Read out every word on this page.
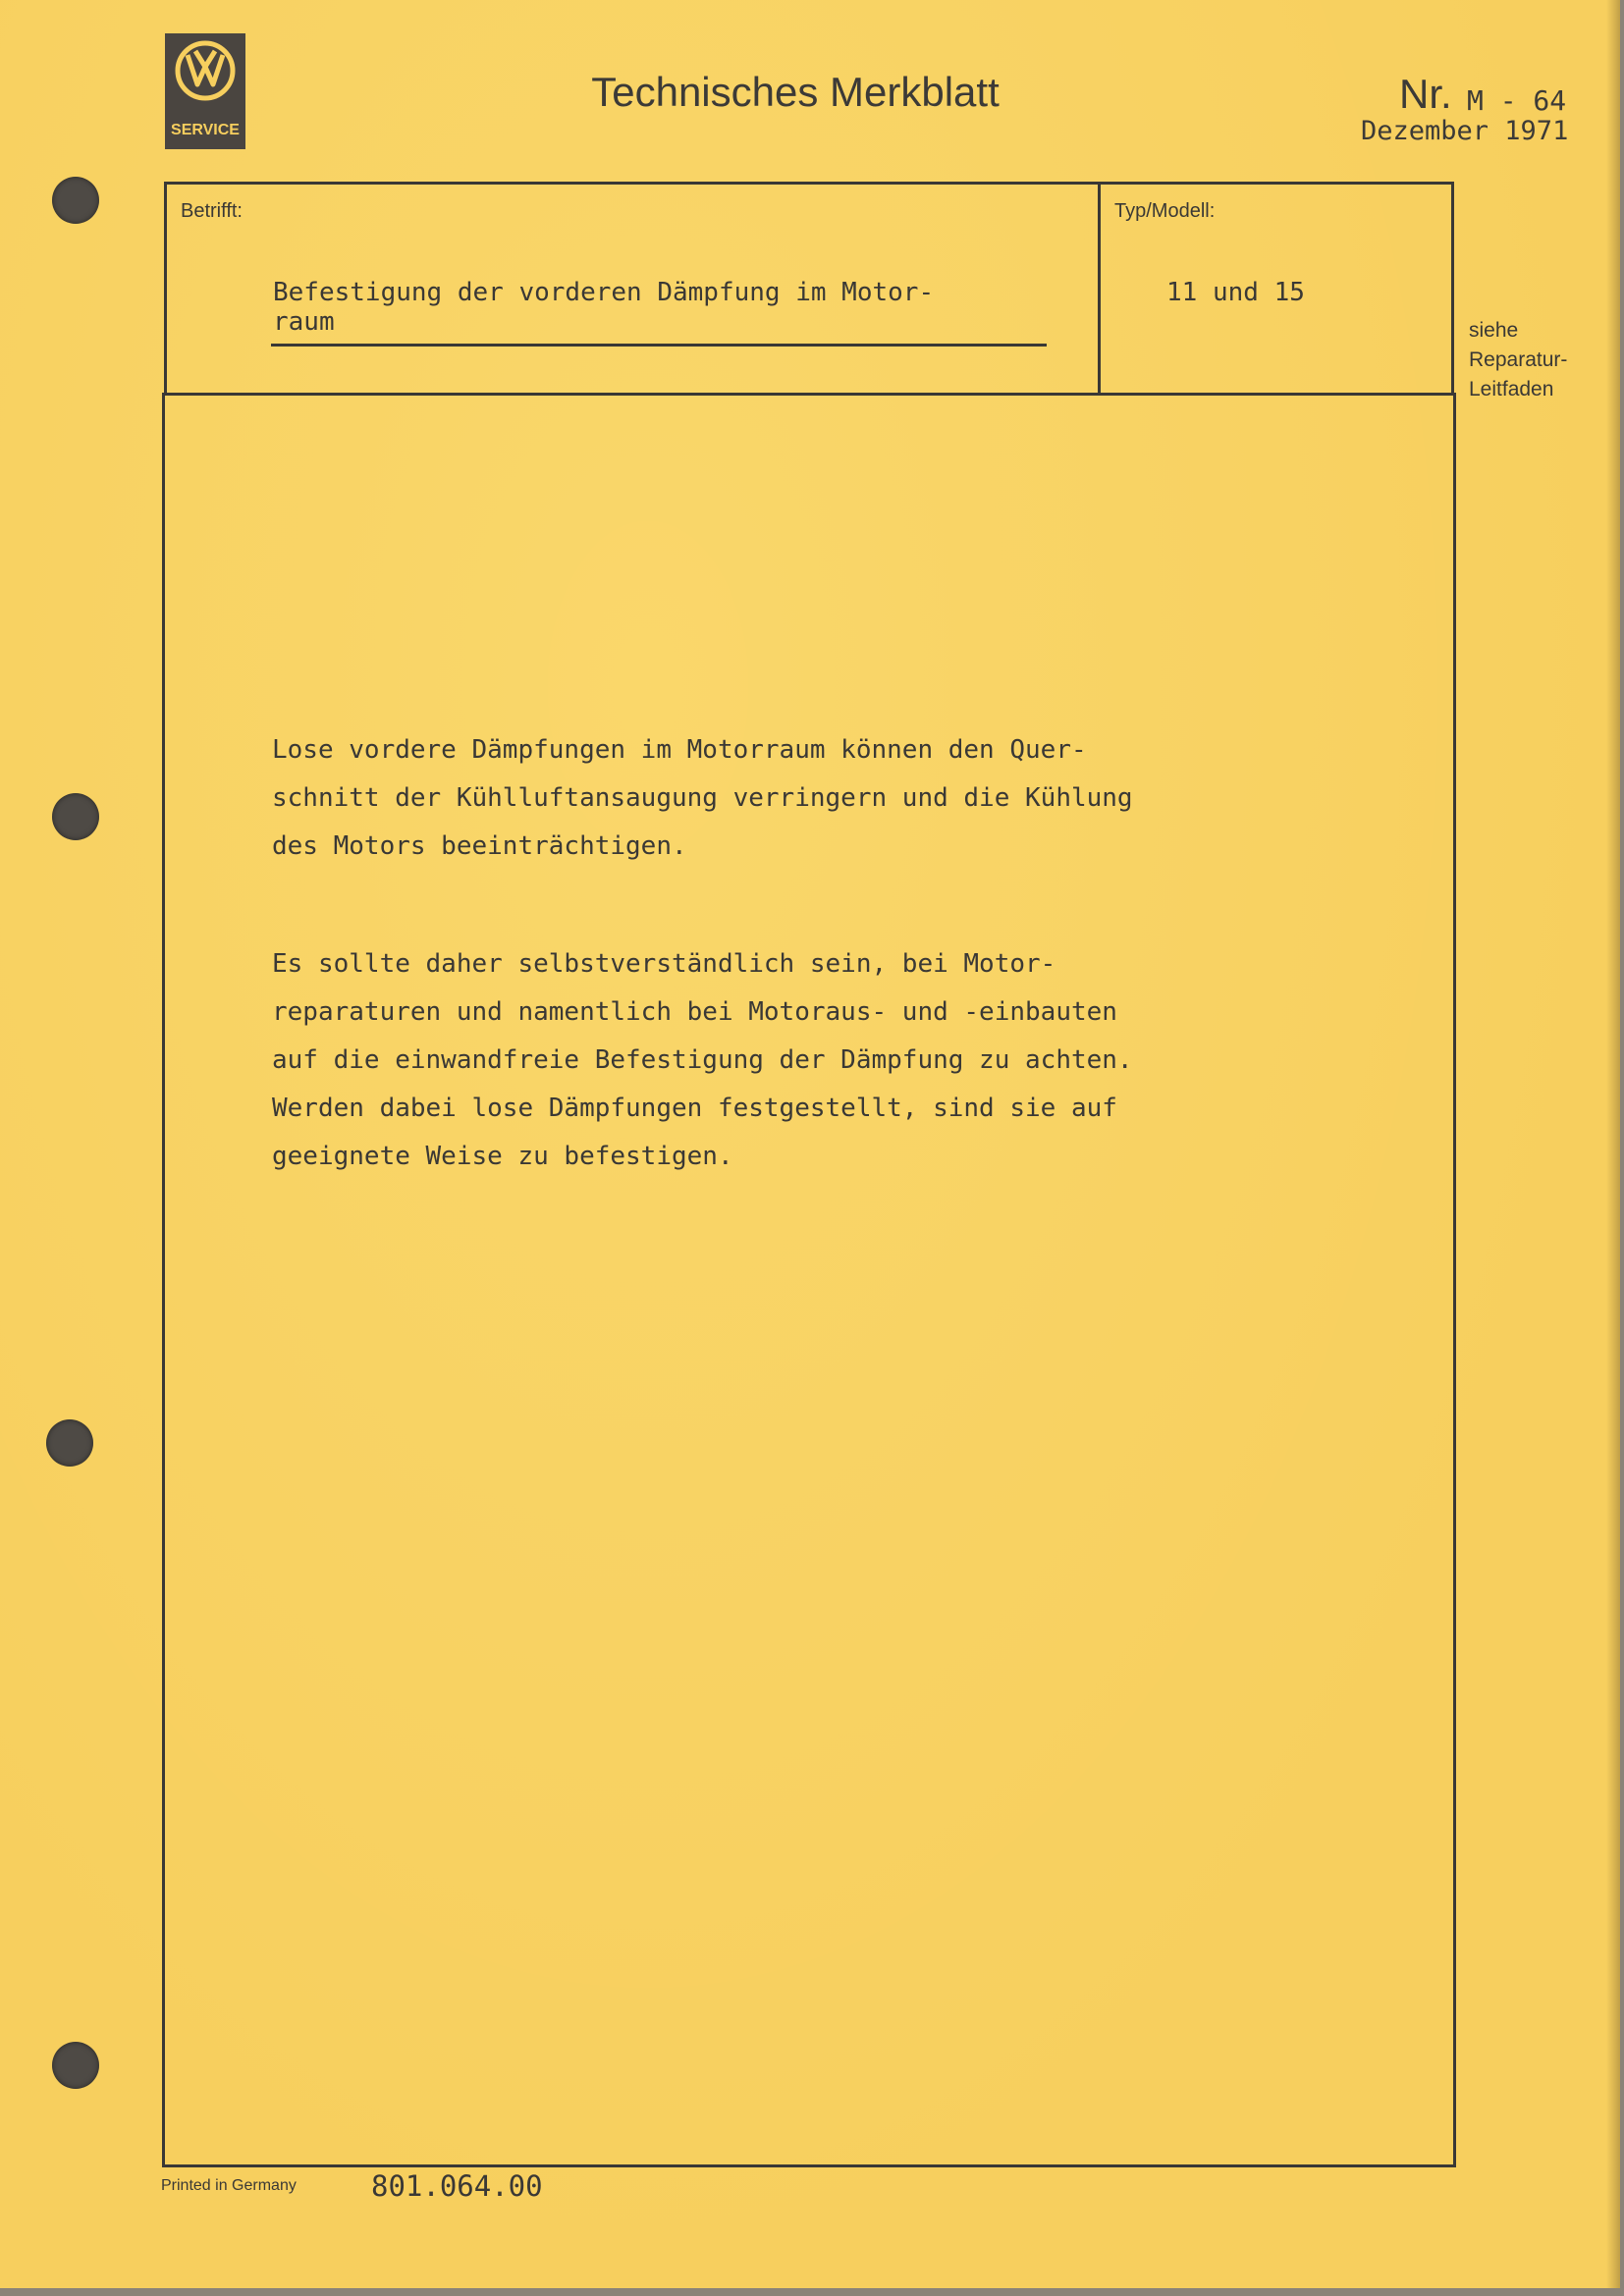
SERVICE
Technisches Merkblatt	Nr. M - 64
Dezember 1971
Betrifft:
Befestigung der vorderen Dämpfung im Motor-
raum
Typ/Modell:
11 und 15
siehe
Reparatur-
Leitfaden
Lose vordere Dämpfungen im Motorraum können den Quer-
schnitt der Kühlluftansaugung verringern und die Kühlung
des Motors beeinträchtigen.
Es sollte daher selbstverständlich sein, bei Motor-
reparaturen und namentlich bei Motoraus- und -einbauten
auf die einwandfreie Befestigung der Dämpfung zu achten.
Werden dabei lose Dämpfungen festgestellt, sind sie auf
geeignete Weise zu befestigen.
Printed in Germany	801.064.00
